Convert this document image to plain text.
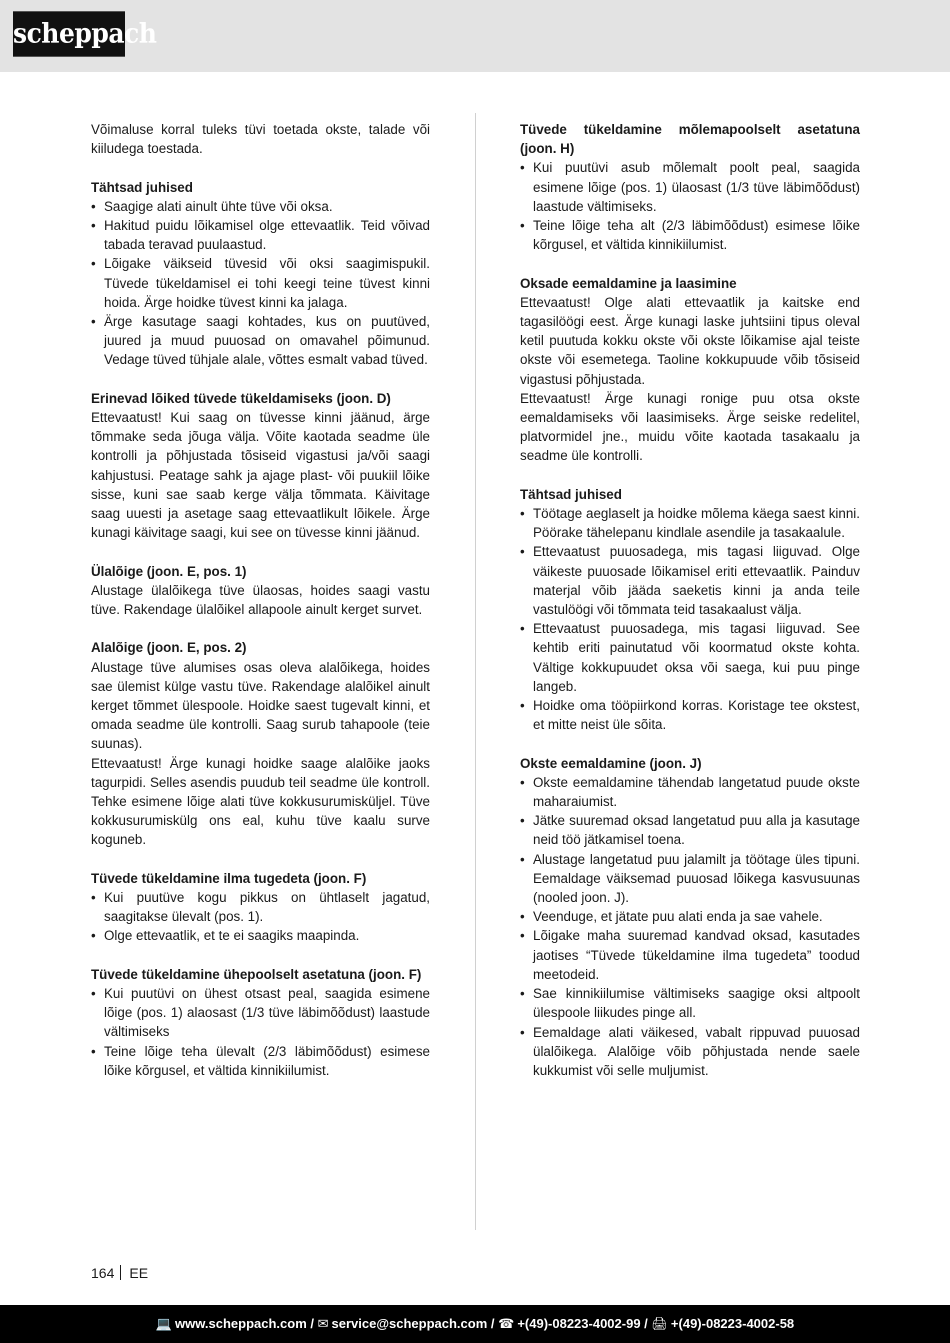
scheppach

Võimaluse korral tuleks tüvi toetada okste, talade või kiiludega toestada.

Tähtsad juhised
• Saagige alati ainult ühte tüve või oksa.
• Hakitud puidu lõikamisel olge ettevaatlik. Teid võivad tabada teravad puulaastud.
• Lõigake väikseid tüvesid või oksi saagimispukil. Tüvede tükeldamisel ei tohi keegi teine tüvest kinni hoida. Ärge hoidke tüvest kinni ka jalaga.
• Ärge kasutage saagi kohtades, kus on puutüved, juured ja muud puuosad on omavahel põimunud. Vedage tüved tühjale alale, võttes esmalt vabad tüved.
Erinevad lõiked tüvede tükeldamiseks (joon. D)

Ettevaatust! Kui saag on tüvesse kinni jäänud, ärge tõmmake seda jõuga välja. Võite kaotada seadme üle kontrolli ja põhjustada tõsiseid vigastusi ja/või saagi kahjustusi. Peatage sahk ja ajage plast- või puukiil lõike sisse, kuni sae saab kerge välja tõmmata. Käivitage saag uuesti ja asetage saag ettevaatlikult lõikele. Ärge kunagi käivitage saagi, kui see on tüvesse kinni jäänud.

Ülalõige (joon. E, pos. 1)

Alustage ülalõikega tüve ülaosas, hoides saagi vastu tüve. Rakendage ülalõikel allapoole ainult kerget survet.

Alalõige (joon. E, pos. 2)

Alustage tüve alumises osas oleva alalõikega, hoides sae ülemist külge vastu tüve. Rakendage alalõikel ainult kerget tõmmet ülespoole. Hoidke saest tugevalt kinni, et omada seadme üle kontrolli. Saag surub tahapoole (teie suunas).

Ettevaatust! Ärge kunagi hoidke saage alalõike jaoks tagurpidi. Selles asendis puudub teil seadme üle kontroll. Tehke esimene lõige alati tüve kokkusurumisküljel. Tüve kokkusurumiskülg ons eal, kuhu tüve kaalu surve koguneb.

Tüvede tükeldamine ilma tugedeta (joon. F)
• Kui puutüve kogu pikkus on ühtlaselt jagatud, saagitakse ülevalt (pos. 1).
• Olge ettevaatlik, et te ei saagiks maapinda.
Tüvede tükeldamine ühepoolselt asetatuna (joon. F)
• Kui puutüvi on ühest otsast peal, saagida esimene lõige (pos. 1) alaosast (1/3 tüve läbimõõdust) laastude vältimiseks
• Teine lõige teha ülevalt (2/3 läbimõõdust) esimese lõike kõrgusel, et vältida kinnikiilumist.
Tüvede tükeldamine mõlemapoolselt asetatuna (joon. H)
• Kui puutüvi asub mõlemalt poolt peal, saagida esimene lõige (pos. 1) ülaosast (1/3 tüve läbimõõdust) laastude vältimiseks.
• Teine lõige teha alt (2/3 läbimõõdust) esimese lõike kõrgusel, et vältida kinnikiilumist.
Oksade eemaldamine ja laasimine

Ettevaatust! Olge alati ettevaatlik ja kaitske end tagasilöögi eest. Ärge kunagi laske juhtsiini tipus oleval ketil puutuda kokku okste või okste lõikamise ajal teiste okste või esemetega. Taoline kokkupuude võib tõsiseid vigastusi põhjustada.

Ettevaatust! Ärge kunagi ronige puu otsa okste eemaldamiseks või laasimiseks. Ärge seiske redelitel, platvormidel jne., muidu võite kaotada tasakaalu ja seadme üle kontrolli.

Tähtsad juhised
• Töötage aeglaselt ja hoidke mõlema käega saest kinni. Pöörake tähelepanu kindlale asendile ja tasakaalule.
• Ettevaatust puuosadega, mis tagasi liiguvad. Olge väikeste puuosade lõikamisel eriti ettevaatlik. Painduv materjal võib jääda saeketis kinni ja anda teile vastulöögi või tõmmata teid tasakaalust välja.
• Ettevaatust puuosadega, mis tagasi liiguvad. See kehtib eriti painutatud või koormatud okste kohta. Vältige kokkupuudet oksa või saega, kui puu pinge langeb.
• Hoidke oma tööpiirkond korras. Koristage tee okstest, et mitte neist üle sõita.
Okste eemaldamine (joon. J)
• Okste eemaldamine tähendab langetatud puude okste maharaiumist.
• Jätke suuremad oksad langetatud puu alla ja kasutage neid töö jätkamisel toena.
• Alustage langetatud puu jalamilt ja töötage üles tipuni. Eemaldage väiksemad puuosad lõikega kasvusuunas (nooled joon. J).
• Veenduge, et jätate puu alati enda ja sae vahele.
• Lõigake maha suuremad kandvad oksad, kasutades jaotises “Tüvede tükeldamine ilma tugedeta” toodud meetodeid.
• Sae kinnikiilumise vältimiseks saagige oksi altpoolt ülespoole liikudes pinge all.
• Eemaldage alati väikesed, vabalt rippuvad puuosad ülalõikega. Alalõige võib põhjustada nende saele kukkumist või selle muljumist.
164 EE
💻 www.scheppach.com / ✉ service@scheppach.com / ☎ +(49)-08223-4002-99 / 🖨 +(49)-08223-4002-58
